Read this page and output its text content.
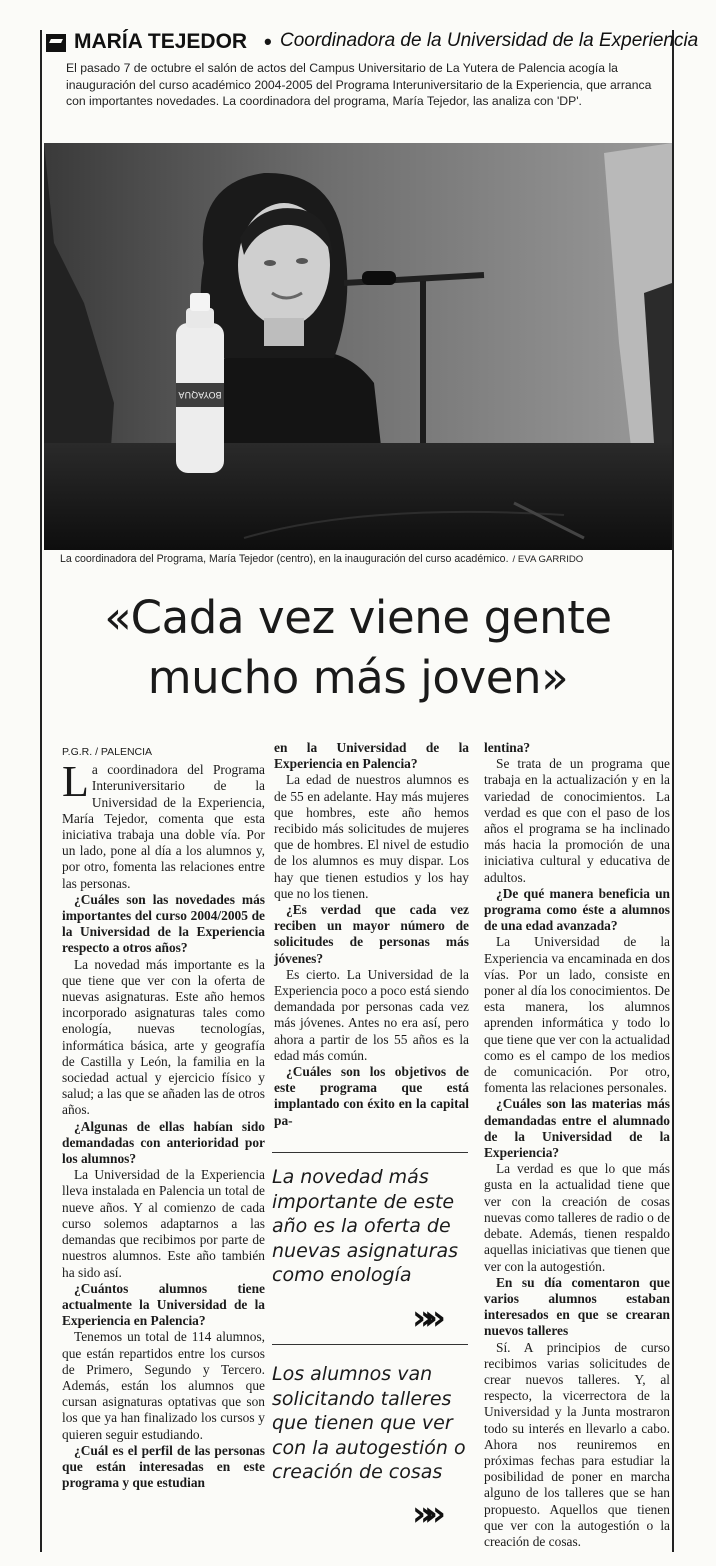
MARÍA TEJEDOR • Coordinadora de la Universidad de la Experiencia
El pasado 7 de octubre el salón de actos del Campus Universitario de La Yutera de Palencia acogía la inauguración del curso académico 2004-2005 del Programa Interuniversitario de la Experiencia, que arranca con importantes novedades. La coordinadora del programa, María Tejedor, las analiza con 'DP'.
BOYAQUA
La coordinadora del Programa, María Tejedor (centro), en la inauguración del curso académico. / EVA GARRIDO
«Cada vez viene gente
mucho más joven»
P.G.R. / PALENCIA

La coordinadora del Programa Interuniversitario de la Universidad de la Experiencia, María Tejedor, comenta que esta iniciativa trabaja una doble vía. Por un lado, pone al día a los alumnos y, por otro, fomenta las relaciones entre las personas.

¿Cuáles son las novedades más importantes del curso 2004/2005 de la Universidad de la Experiencia respecto a otros años?

La novedad más importante es la que tiene que ver con la oferta de nuevas asignaturas. Este año hemos incorporado asignaturas tales como enología, nuevas tecnologías, informática básica, arte y geografía de Castilla y León, la familia en la sociedad actual y ejercicio físico y salud; a las que se añaden las de otros años.

¿Algunas de ellas habían sido demandadas con anterioridad por los alumnos?

La Universidad de la Experiencia lleva instalada en Palencia un total de nueve años. Y al comienzo de cada curso solemos adaptarnos a las demandas que recibimos por parte de nuestros alumnos. Este año también ha sido así.

¿Cuántos alumnos tiene actualmente la Universidad de la Experiencia en Palencia?

Tenemos un total de 114 alumnos, que están repartidos entre los cursos de Primero, Segundo y Tercero. Además, están los alumnos que cursan asignaturas optativas que son los que ya han finalizado los cursos y quieren seguir estudiando.

¿Cuál es el perfil de las personas que están interesadas en este programa y que estudian

en la Universidad de la Experiencia en Palencia?

La edad de nuestros alumnos es de 55 en adelante. Hay más mujeres que hombres, este año hemos recibido más solicitudes de mujeres que de hombres. El nivel de estudio de los alumnos es muy dispar. Los hay que tienen estudios y los hay que no los tienen.

¿Es verdad que cada vez reciben un mayor número de solicitudes de personas más jóvenes?

Es cierto. La Universidad de la Experiencia poco a poco está siendo demandada por personas cada vez más jóvenes. Antes no era así, pero ahora a partir de los 55 años es la edad más común.

¿Cuáles son los objetivos de este programa que está implantado con éxito en la capital pa-

La novedad más importante de este año es la oferta de nuevas asignaturas como enología
»»
Los alumnos van solicitando talleres que tienen que ver con la autogestión o creación de cosas
»»

lentina?

Se trata de un programa que trabaja en la actualización y en la variedad de conocimientos. La verdad es que con el paso de los años el programa se ha inclinado más hacia la promoción de una iniciativa cultural y educativa de adultos.

¿De qué manera beneficia un programa como éste a alumnos de una edad avanzada?

La Universidad de la Experiencia va encaminada en dos vías. Por un lado, consiste en poner al día los conocimientos. De esta manera, los alumnos aprenden informática y todo lo que tiene que ver con la actualidad como es el campo de los medios de comunicación. Por otro, fomenta las relaciones personales.

¿Cuáles son las materias más demandadas entre el alumnado de la Universidad de la Experiencia?

La verdad es que lo que más gusta en la actualidad tiene que ver con la creación de cosas nuevas como talleres de radio o de debate. Además, tienen respaldo aquellas iniciativas que tienen que ver con la autogestión.

En su día comentaron que varios alumnos estaban interesados en que se crearan nuevos talleres

Sí. A principios de curso recibimos varias solicitudes de crear nuevos talleres. Y, al respecto, la vicerrectora de la Universidad y la Junta mostraron todo su interés en llevarlo a cabo. Ahora nos reuniremos en próximas fechas para estudiar la posibilidad de poner en marcha alguno de los talleres que se han propuesto. Aquellos que tienen que ver con la autogestión o la creación de cosas.
